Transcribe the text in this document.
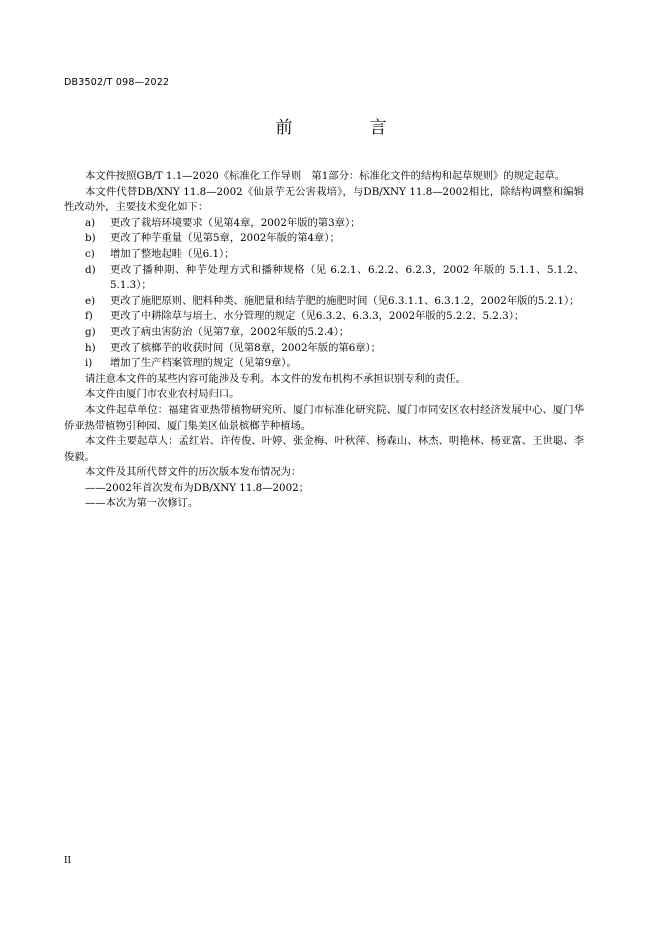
DB3502/T 098—2022
前　言

本文件按照GB/T 1.1—2020《标准化工作导则　第1部分：标准化文件的结构和起草规则》的规定起草。

本文件代替DB/XNY 11.8—2002《仙景芋无公害栽培》，与DB/XNY 11.8—2002相比，除结构调整和编辑性改动外，主要技术变化如下：

a)	更改了栽培环境要求（见第4章，2002年版的第3章）；
b)	更改了种芋重量（见第5章，2002年版的第4章）；
c)	增加了整地起畦（见6.1）；
d)	更改了播种期、种芋处理方式和播种规格（见 6.2.1、6.2.2、6.2.3，2002 年版的 5.1.1、5.1.2、5.1.3）；
e)	更改了施肥原则、肥料种类、施肥量和结芋肥的施肥时间（见6.3.1.1、6.3.1.2，2002年版的5.2.1）；
f)	更改了中耕除草与培土、水分管理的规定（见6.3.2、6.3.3，2002年版的5.2.2、5.2.3）；
g)	更改了病虫害防治（见第7章，2002年版的5.2.4）；
h)	更改了槟榔芋的收获时间（见第8章，2002年版的第6章）；
i)	增加了生产档案管理的规定（见第9章）。

请注意本文件的某些内容可能涉及专利。本文件的发布机构不承担识别专利的责任。

本文件由厦门市农业农村局归口。

本文件起草单位：福建省亚热带植物研究所、厦门市标准化研究院、厦门市同安区农村经济发展中心、厦门华侨亚热带植物引种园、厦门集美区仙景槟榔芋种植场。

本文件主要起草人：孟红岩、许传俊、叶婷、张金梅、叶秋萍、杨森山、林杰、明艳林、杨亚富、王世聪、李俊毅。

本文件及其所代替文件的历次版本发布情况为：

——2002年首次发布为DB/XNY 11.8—2002；

——本次为第一次修订。

II
